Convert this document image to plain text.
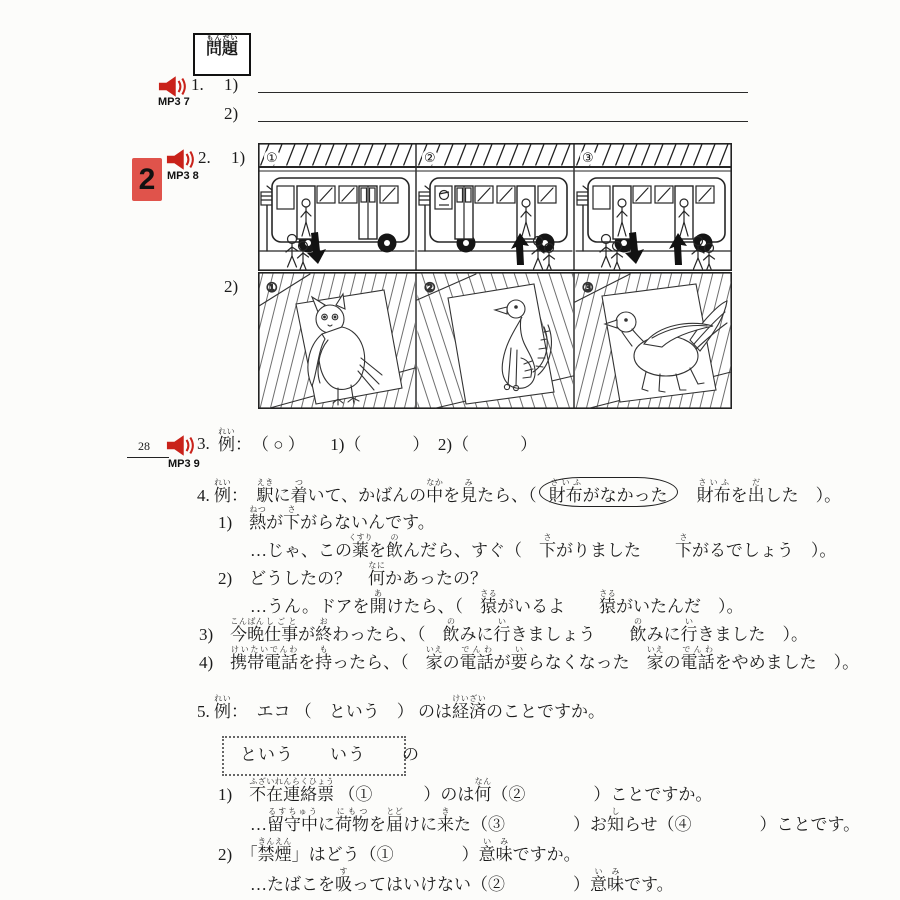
問題もんだい
1. 1)
MP3 7
2)
2
2. 1)
MP3 8
①	②	③
2) ①	②	③
28	3. 例れい：　（ ○ ）　　1)（　　　）　2)（　　　）
MP3 9
4. 例れい：　駅えきに着ついて、かばんの中なかを見みたら、（ 財布さいふがなかった　 財布さいふを出だした　）。
1)　熱ねつが下さがらないんです。
…じゃ、この薬くすりを飲のんだら、すぐ（　下さがりました　　下さがるでしょう　）。
2)　どうしたの？　何なにかあったの？
…うん。ドアを開あけたら、（　猿さるがいるよ　　猿さるがいたんだ　）。
3)　今晩こんばん仕事しごとが終おわったら、（　飲のみに行いきましょう　　飲のみに行いきました　）。
4)　携帯電話けいたいでんわを持もったら、（　家いえの電話でんわが要いらなくなった　家いえの電話でんわをやめました　）。
5. 例れい：　エコ （　という　） のは経済けいざいのことですか。
という　　いう　　の
1)　不在連絡票ふざいれんらくひょう （①　　　）のは何なん（②　　　　）ことですか。
…留守中るすちゅうに荷物にもつを届とどけに来きた（③　　　　）お知しらせ（④　　　　）ことです。
2)　「禁煙きんえん」はどう（①　　　　）意味いみですか。
…たばこを吸すってはいけない（②　　　　）意味いみです。
